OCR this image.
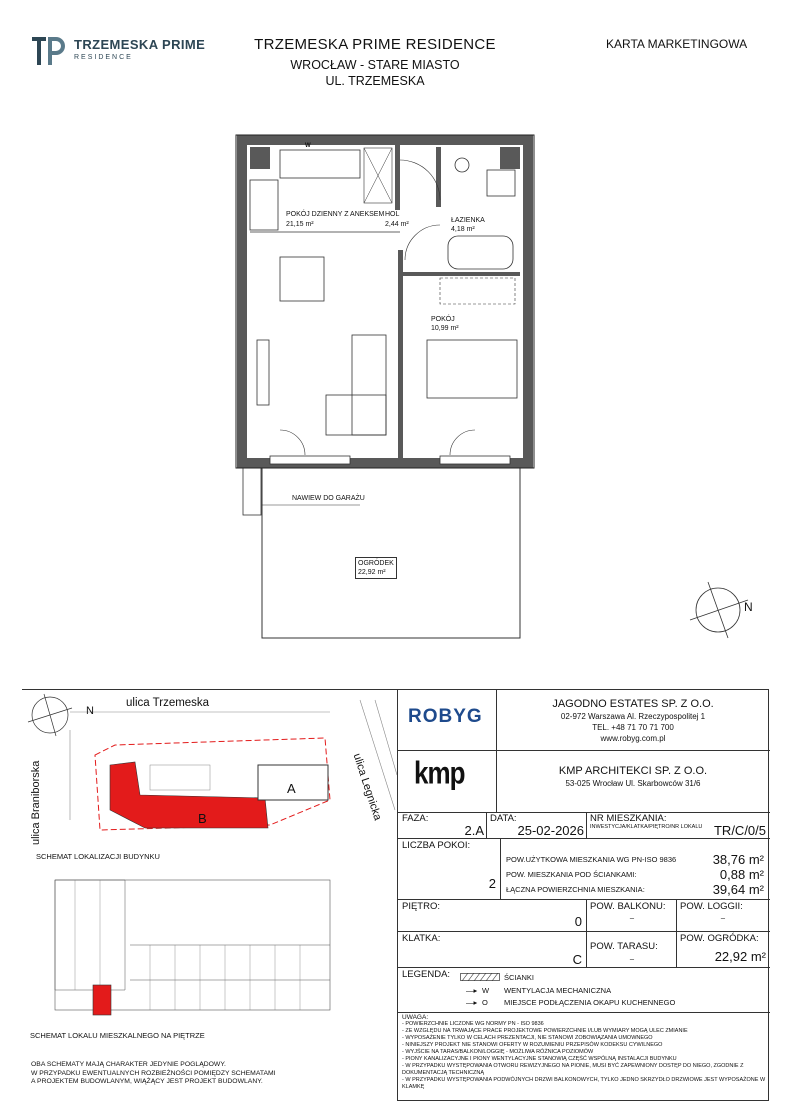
TRZEMESKA PRIME
RESIDENCE
TRZEMESKA PRIME RESIDENCE
WROCŁAW - STARE MIASTO
UL. TRZEMESKA
KARTA MARKETINGOWA
POKÓJ DZIENNY Z ANEKSEM
21,15 m²
HOL
2,44 m²
ŁAZIENKA
4,18 m²
POKÓJ
10,99 m²
OGRÓDEK
22,92 m²
NAWIEW DO GARAŻU
N
W
ulica Trzemeska
ulica Braniborska	ulica Legnicka
A
B
N
SCHEMAT LOKALIZACJI BUDYNKU
SCHEMAT LOKALU MIESZKALNEGO NA PIĘTRZE
OBA SCHEMATY MAJĄ CHARAKTER JEDYNIE POGLĄDOWY.
W PRZYPADKU EWENTUALNYCH ROZBIEŻNOŚCI POMIĘDZY SCHEMATAMI
A PROJEKTEM BUDOWLANYM, WIĄŻĄCY JEST PROJEKT BUDOWLANY.
ROBYG
JAGODNO ESTATES SP. Z O.O.
02-972 Warszawa Al. Rzeczypospolitej 1
TEL. +48 71 70 71 700
www.robyg.com.pl
kmp	KMP ARCHITEKCI SP. Z O.O.
53-025 Wrocław Ul. Skarbowców 31/6
FAZA:
2.A
DATA:
25-02-2026
NR MIESZKANIA:
INWESTYCJA/KLATKA/PIĘTRO/NR LOKALU TR/C/0/5
LICZBA POKOI:
2
POW.UŻYTKOWA MIESZKANIA WG PN-ISO 9836	38,76 m²
POW. MIESZKANIA POD ŚCIANKAMI:	0,88 m²
ŁĄCZNA POWIERZCHNIA MIESZKANIA:	39,64 m²
PIĘTRO:
0
POW. BALKONU:
–
POW. LOGGII:
–
KLATKA:
C
POW. TARASU:
–
POW. OGRÓDKA:
22,92 m²
LEGENDA:	ŚCIANKI
—▸ W WENTYLACJA MECHANICZNA
—▸ O MIEJSCE PODŁĄCZENIA OKAPU KUCHENNEGO
UWAGA:
- POWIERZCHNIE LICZONE WG NORMY PN - ISO 9836
- ZE WZGLĘDU NA TRWAJĄCE PRACE PROJEKTOWE POWIERZCHNIE I/LUB WYMIARY MOGĄ ULEC ZMIANIE
- WYPOSAŻENIE TYLKO W CELACH PREZENTACJI, NIE STANOWI ZOBOWIĄZANIA UMOWNEGO
- NINIEJSZY PROJEKT NIE STANOWI OFERTY W ROZUMIENIU PRZEPISÓW KODEKSU CYWILNEGO
- WYJŚCIE NA TARAS/BALKON/LOGGIĘ - MOŻLIWA RÓŻNICA POZIOMÓW
- PIONY KANALIZACYJNE I PIONY WENTYLACYJNE STANOWIĄ CZĘŚĆ WSPÓLNĄ INSTALACJI BUDYNKU
- W PRZYPADKU WYSTĘPOWANIA OTWORU REWIZYJNEGO NA PIONIE, MUSI BYĆ ZAPEWNIONY DOSTĘP DO NIEGO, ZGODNIE Z DOKUMENTACJĄ TECHNICZNĄ
- W PRZYPADKU WYSTĘPOWANIA PODWÓJNYCH DRZWI BALKONOWYCH, TYLKO JEDNO SKRZYDŁO DRZWIOWE JEST WYPOSAŻONE W KLAMKĘ
